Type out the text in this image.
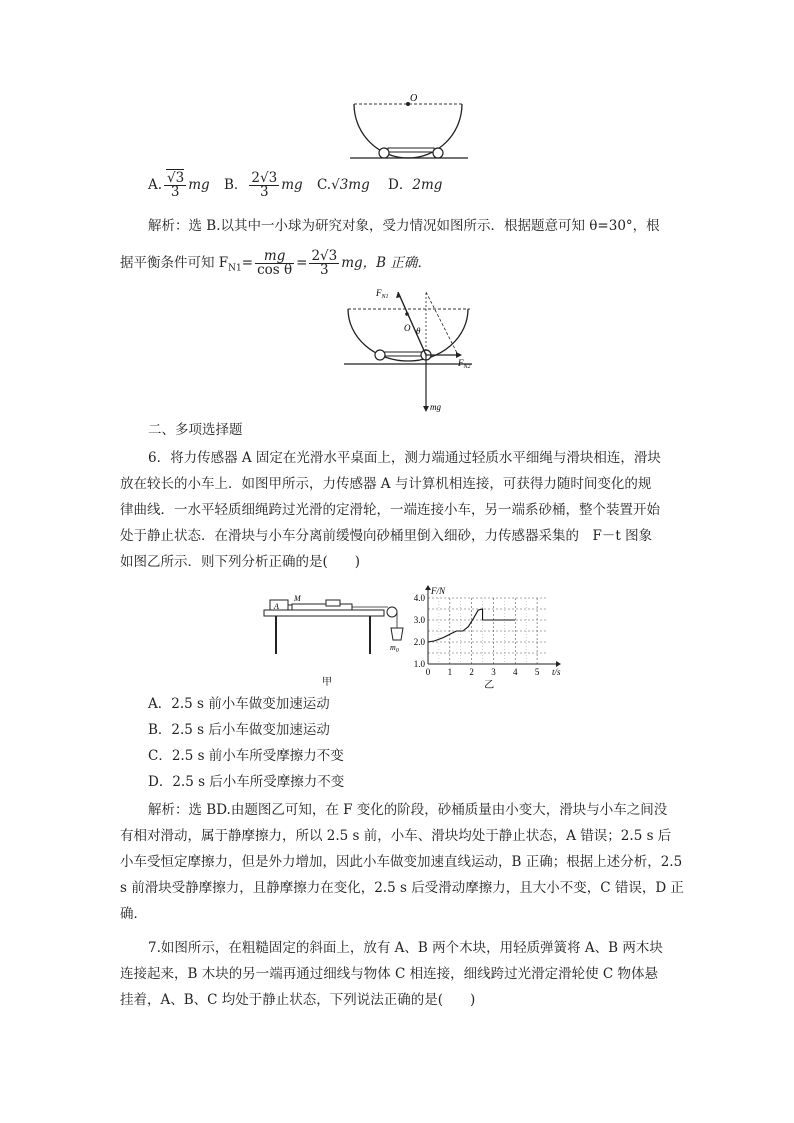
O
A. $\frac{√3}{3}$ mg B． $\frac{2√3}{3}$ mg C.√3mg D．2mg
解析：选 B.以其中一小球为研究对象，受力情况如图所示．根据题意可知 θ=30°，根
据平衡条件可知 $F_{N1}= \frac{mg}{\text{cos θ}} = \frac{2√3}{3}$ mg，B 正确．
$F_{N1}$
O θ
$F_{N2}$
mg
二、多项选择题
6．将力传感器 A 固定在光滑水平桌面上，测力端通过轻质水平细绳与滑块相连，滑块
放在较长的小车上．如图甲所示，力传感器 A 与计算机相连接，可获得力随时间变化的规
律曲线．一水平轻质细绳跨过光滑的定滑轮，一端连接小车，另一端系砂桶，整个装置开始
处于静止状态．在滑块与小车分离前缓慢向砂桶里倒入细砂，力传感器采集的　F－t 图象
如图乙所示．则下列分析正确的是(　　)
A
M
$m_0$
甲
0 1 2 3 4 5
1.0
2.0
3.0
4.0
t/s
F/N
乙
A．2.5 s 前小车做变加速运动
B．2.5 s 后小车做变加速运动
C．2.5 s 前小车所受摩擦力不变
D．2.5 s 后小车所受摩擦力不变
解析：选 BD.由题图乙可知，在 F 变化的阶段，砂桶质量由小变大，滑块与小车之间没
有相对滑动，属于静摩擦力，所以 2.5 s 前，小车、滑块均处于静止状态，A 错误；2.5 s 后
小车受恒定摩擦力，但是外力增加，因此小车做变加速直线运动，B 正确；根据上述分析，2.5
s 前滑块受静摩擦力，且静摩擦力在变化，2.5 s 后受滑动摩擦力，且大小不变，C 错误，D 正
确．
7.如图所示，在粗糙固定的斜面上，放有 A、B 两个木块，用轻质弹簧将 A、B 两木块
连接起来，B 木块的另一端再通过细线与物体 C 相连接，细线跨过光滑定滑轮使 C 物体悬
挂着，A、B、C 均处于静止状态，下列说法正确的是(　　)
